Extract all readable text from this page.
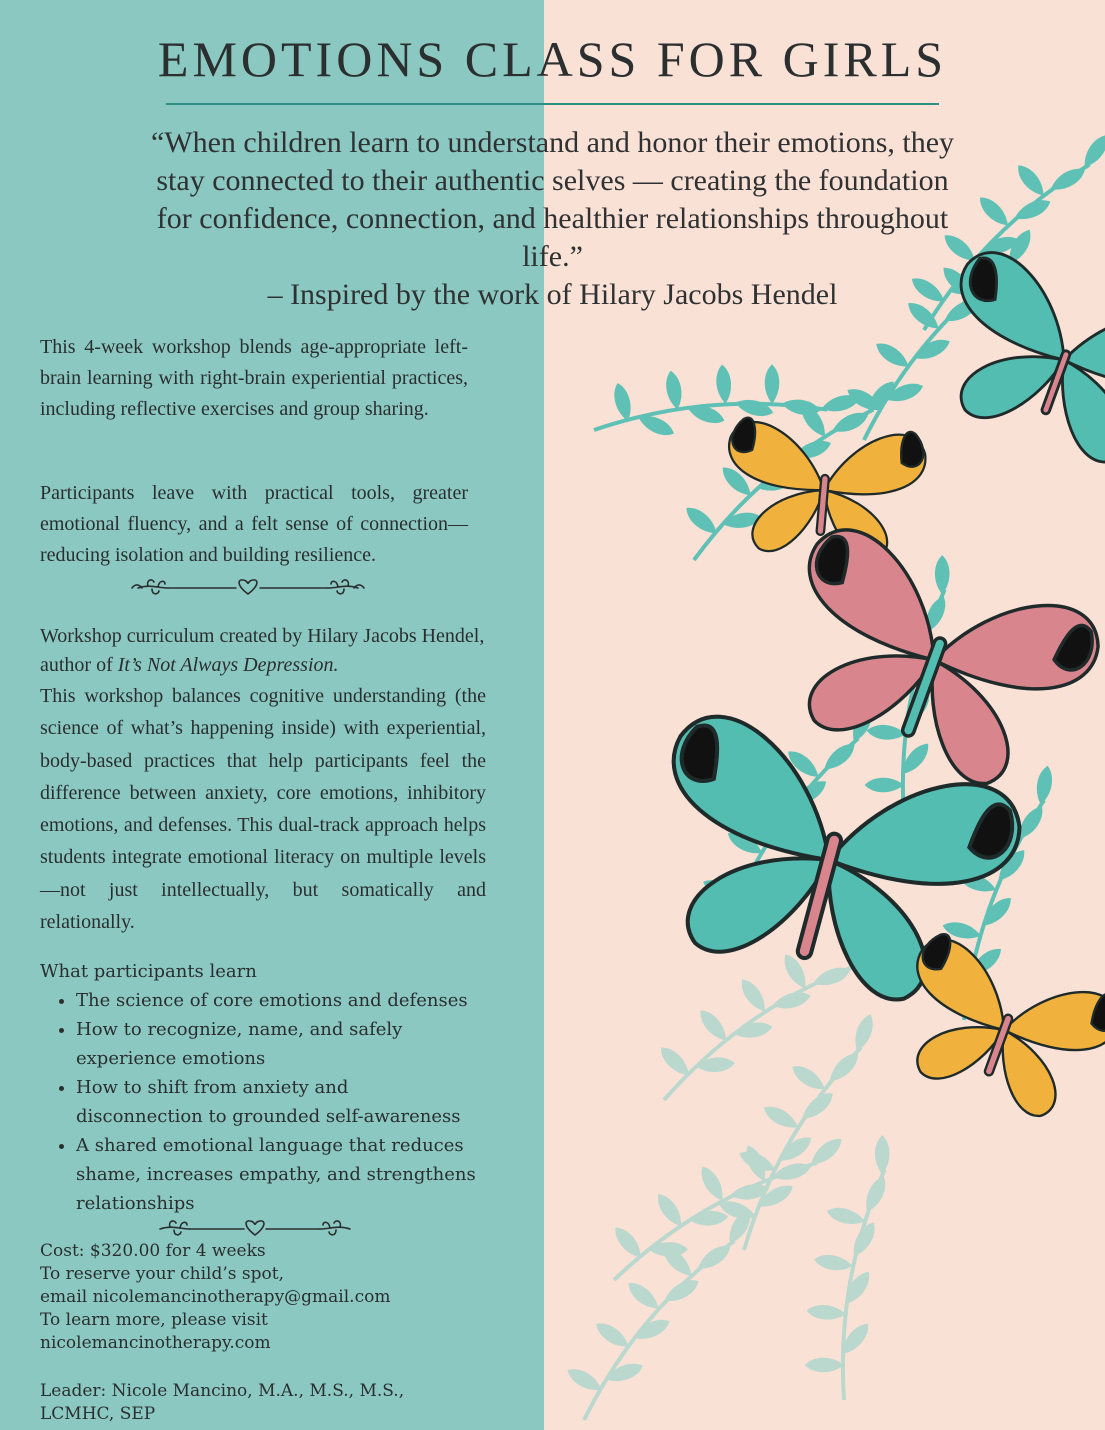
EMOTIONS CLASS FOR GIRLS

“When children learn to understand and honor their emotions, they stay connected to their authentic selves — creating the foundation for confidence, connection, and healthier relationships throughout life.”
– Inspired by the work of Hilary Jacobs Hendel

This 4-week workshop blends age-appropriate left-brain learning with right-brain experiential practices, including reflective exercises and group sharing.

Participants leave with practical tools, greater emotional fluency, and a felt sense of connection—reducing isolation and building resilience.

Workshop curriculum created by Hilary Jacobs Hendel,

author of It’s Not Always Depression.

This workshop balances cognitive understanding (the science of what’s happening inside) with experiential, body-based practices that help participants feel the difference between anxiety, core emotions, inhibitory emotions, and defenses. This dual-track approach helps students integrate emotional literacy on multiple levels—not just intellectually, but somatically and relationally.

What participants learn

• The science of core emotions and defenses
• How to recognize, name, and safely experience emotions
• How to shift from anxiety and disconnection to grounded self-awareness
• A shared emotional language that reduces shame, increases empathy, and strengthens relationships
Cost: $320.00 for 4 weeks
To reserve your child’s spot,
email nicolemancinotherapy@gmail.com
To learn more, please visit
nicolemancinotherapy.com
Leader: Nicole Mancino, M.A., M.S., M.S.,
LCMHC, SEP
